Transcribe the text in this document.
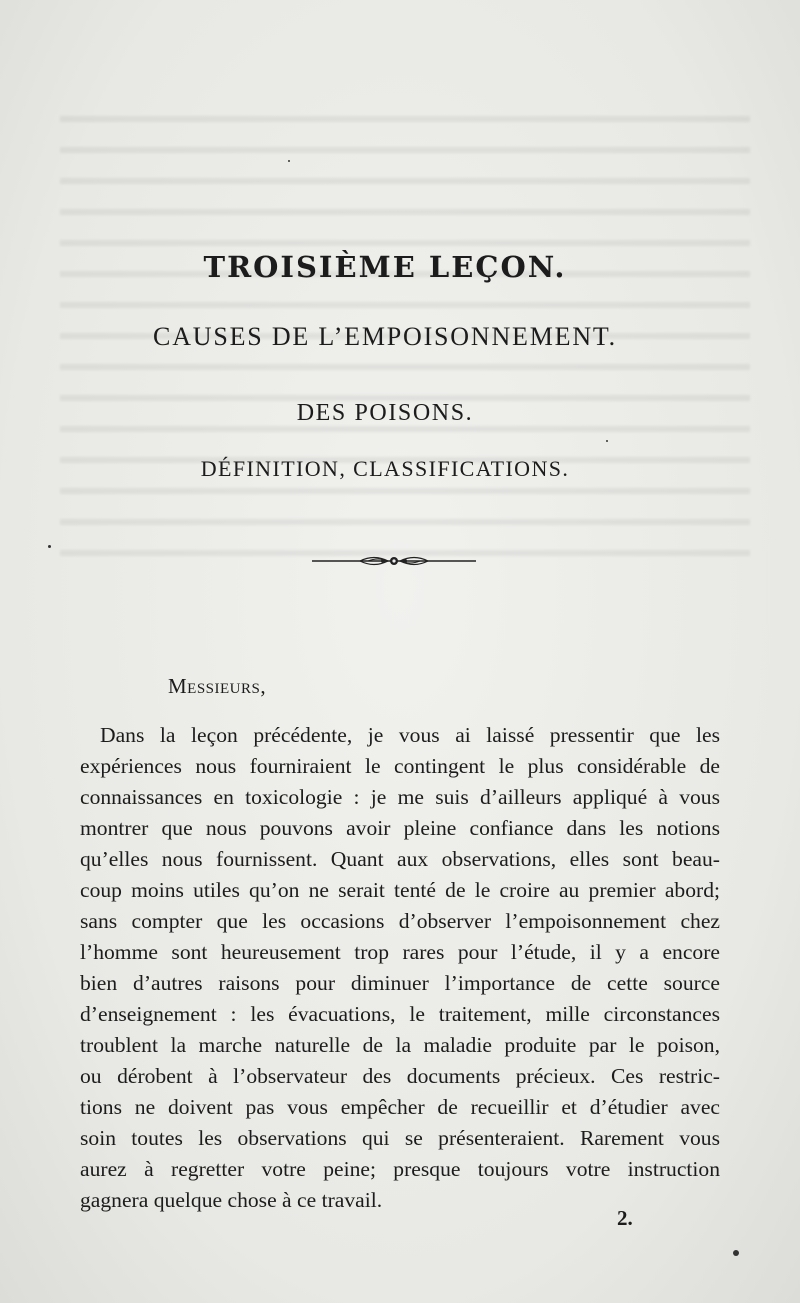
TROISIÈME LEÇON.
CAUSES DE L’EMPOISONNEMENT.
DES POISONS.
DÉFINITION, CLASSIFICATIONS.
Messieurs,
Dans la leçon précédente, je vous ai laissé pressentir que les
expériences nous fourniraient le contingent le plus considérable de
connaissances en toxicologie : je me suis d’ailleurs appliqué à vous
montrer que nous pouvons avoir pleine confiance dans les notions
qu’elles nous fournissent. Quant aux observations, elles sont beau-
coup moins utiles qu’on ne serait tenté de le croire au premier abord;
sans compter que les occasions d’observer l’empoisonnement chez
l’homme sont heureusement trop rares pour l’étude, il y a encore
bien d’autres raisons pour diminuer l’importance de cette source
d’enseignement : les évacuations, le traitement, mille circonstances
troublent la marche naturelle de la maladie produite par le poison,
ou dérobent à l’observateur des documents précieux. Ces restric-
tions ne doivent pas vous empêcher de recueillir et d’étudier avec
soin toutes les observations qui se présenteraient. Rarement vous
aurez à regretter votre peine; presque toujours votre instruction
gagnera quelque chose à ce travail.
2.
